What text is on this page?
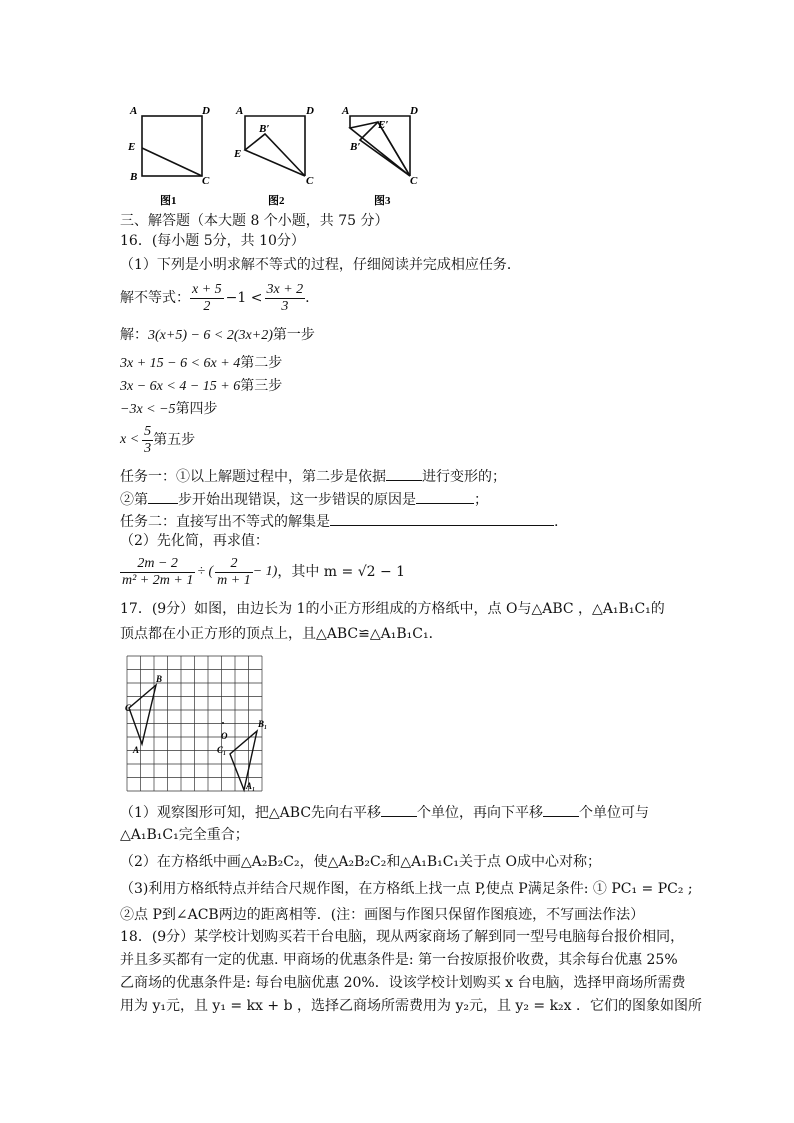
A	D
E
B	C
图1
A	D
B′
E
C
图2
A	D
E′
B′
C
图3
三、解答题（本大题 8 个小题，共 75 分）
16．(每小题 5分，共 10分）
（1）下列是小明求解不等式的过程，仔细阅读并完成相应任务．
解不等式： $\frac{x + 5}{2} -1 < \frac{3x + 2}{3}$ .
解：3(x+5) − 6 < 2(3x+2)第一步
3x + 15 − 6 < 6x + 4第二步
3x − 6x < 4 − 15 + 6第三步
−3x < −5第四步
$x < \frac{5}{3}$ 第五步
任务一：①以上解题过程中，第二步是依据	进行变形的；
②第 步开始出现错误，这一步错误的原因是	；
任务二：直接写出不等式的解集是	.
（2）先化简，再求值：
$\frac{2m - 2}{\text{m² + 2m + 1}}$ ÷ ( $\frac{2}{m + 1} - 1$) ，其中 m = √2 − 1
17．(9分）如图，由边长为 1的小正方形组成的方格纸中，点 O与△ABC ，△A₁B₁C₁的
顶点都在小正方形的顶点上，且△ABC≌△A₁B₁C₁．
B
C
A
O
B₁
C₁
A₁
（1）观察图形可知，把△ABC先向右平移	个单位，再向下平移	个单位可与
△A₁B₁C₁完全重合；
（2）在方格纸中画△A₂B₂C₂，使△A₂B₂C₂和△A₁B₁C₁关于点 O成中心对称；
（3)利用方格纸特点并结合尺规作图，在方格纸上找一点 P,使点 P满足条件: ① PC₁ = PC₂ ;
②点 P到∠ACB两边的距离相等．(注：画图与作图只保留作图痕迹，不写画法作法）
18．(9分）某学校计划购买若干台电脑，现从两家商场了解到同一型号电脑每台报价相同，
并且多买都有一定的优惠. 甲商场的优惠条件是: 第一台按原报价收费，其余每台优惠 25%
乙商场的优惠条件是: 每台电脑优惠 20%．设该学校计划购买 x 台电脑，选择甲商场所需费
用为 y₁元，且 y₁ = kx + b ，选择乙商场所需费用为 y₂元，且 y₂ = k₂x ．它们的图象如图所
